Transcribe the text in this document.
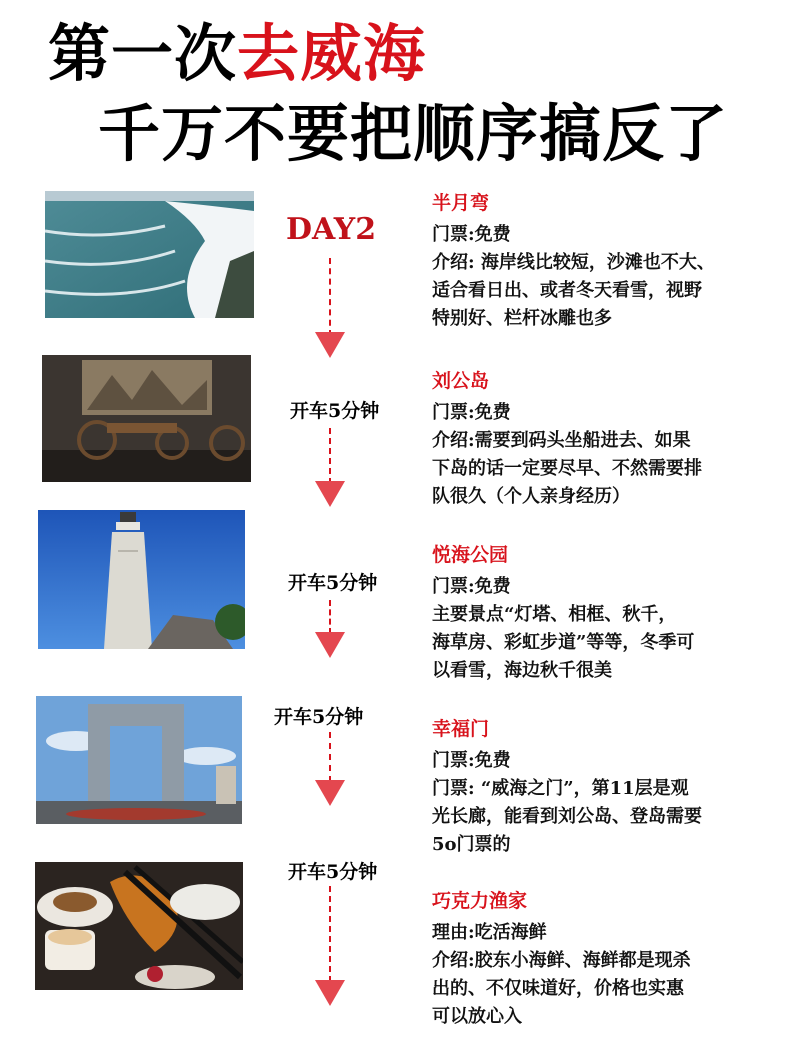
第一次去威海
千万不要把顺序搞反了
DAY2
开车5分钟
开车5分钟
开车5分钟
开车5分钟
半月弯
门票:免费
介绍: 海岸线比较短，沙滩也不大、
适合看日出、或者冬天看雪，视野
特别好、栏杆冰雕也多
刘公岛
门票:免费
介绍:需要到码头坐船进去、如果
下岛的话一定要尽早、不然需要排
队很久（个人亲身经历）
悦海公园
门票:免费
主要景点“灯塔、相框、秋千，
海草房、彩虹步道”等等，冬季可
以看雪，海边秋千很美
幸福门
门票:免费
门票: “威海之门”，第11层是观
光长廊，能看到刘公岛、登岛需要
5o门票的
巧克力渔家
理由:吃活海鲜
介绍:胶东小海鲜、海鲜都是现杀
出的、不仅味道好，价格也实惠
可以放心入
